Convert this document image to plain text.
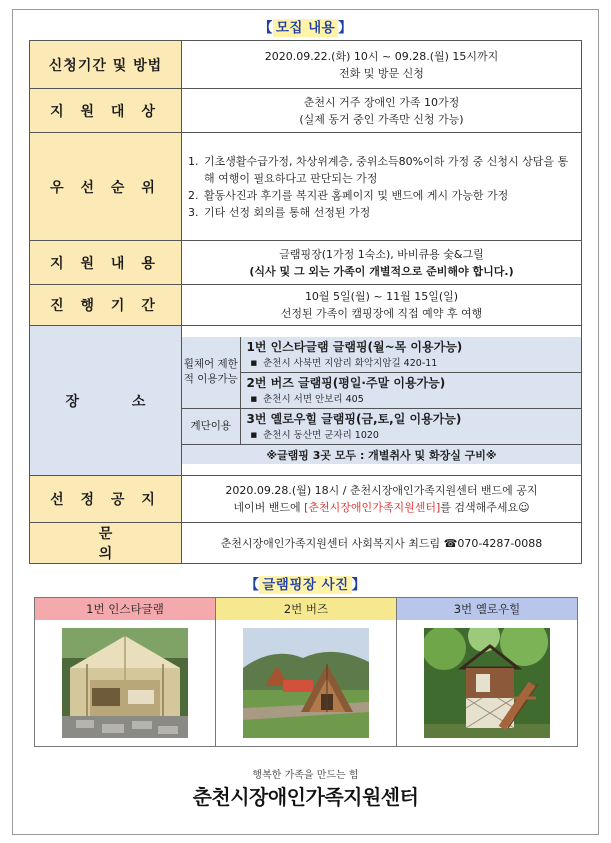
【 모집 내용 】
신청기간 및 방법	
2020.09.22.(화) 10시 ~ 09.28.(월) 15시까지
전화 및 방문 신청

지 원 대 상	
춘천시 거주 장애인 가족 10가정
(실제 동거 중인 가족만 신청 가능)

우 선 순 위	
1. 기초생활수급가정, 차상위계층, 중위소득80%이하 가정 중 신청시 상담을 통해 여행이 필요하다고 판단되는 가정
2. 활동사진과 후기를 복지관 홈페이지 및 밴드에 게시 가능한 가정
3. 기타 선정 회의를 통해 선정된 가정

지 원 내 용	
글램핑장(1가정 1숙소), 바비큐용 숯&그릴
(식사 및 그 외는 가족이 개별적으로 준비해야 합니다.)

진 행 기 간	
10월 5일(월) ~ 11월 15일(일)
선정된 가족이 캠핑장에 직접 예약 후 여행

장 소	
휠체어 제한적 이용가능	
1번 인스타글램 글램핑(월~목 이용가능)
■ 춘천시 사북면 지암리 화악지암길 420-11

2번 버즈 글램핑(평일·주말 이용가능)
■ 춘천시 서면 안보리 405

계단이용	3번 옐로우힐 글램핑(금,토,일 이용가능)
■ 춘천시 동산면 군자리 1020

※글램핑 3곳 모두 : 개별취사 및 화장실 구비※

선 정 공 지	
2020.09.28.(월) 18시 / 춘천시장애인가족지원센터 밴드에 공지
네이버 밴드에 [춘천시장애인가족지원센터]를 검색해주세요☺

문 의	춘천시장애인가족지원센터 사회복지사 최드림 ☎070-4287-0088
【 글램핑장 사진 】
1번 인스타글램	2번 버즈	3번 옐로우힐
행복한 가족을 만드는 힘
춘천시장애인가족지원센터
